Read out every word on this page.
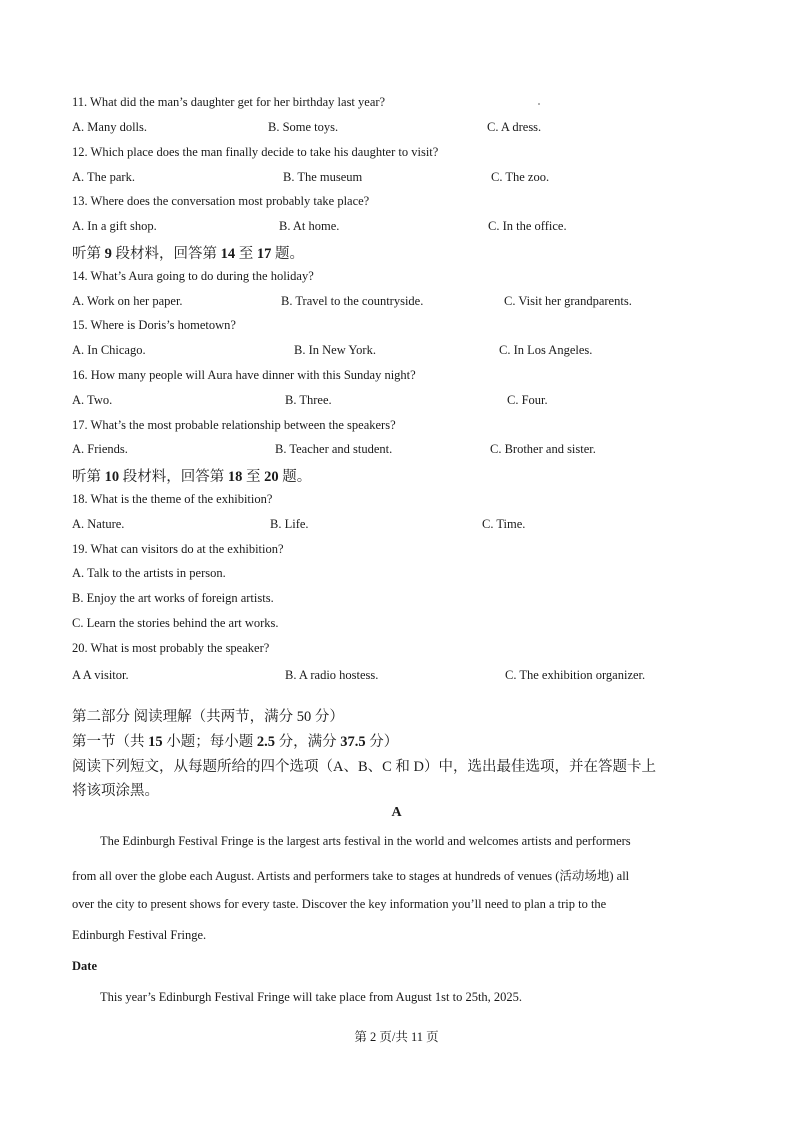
11. What did the man’s daughter get for her birthday last year?
A. Many dolls.	B. Some toys.	C. A dress.
12. Which place does the man finally decide to take his daughter to visit?
A. The park.	B. The museum	C. The zoo.
13. Where does the conversation most probably take place?
A. In a gift shop.	B. At home.	C. In the office.
听第 9 段材料，回答第 14 至 17 题。
14. What’s Aura going to do during the holiday?
A. Work on her paper.	B. Travel to the countryside.	C. Visit her grandparents.
15. Where is Doris’s hometown?
A. In Chicago.	B. In New York.	C. In Los Angeles.
16. How many people will Aura have dinner with this Sunday night?
A. Two.	B. Three.	C. Four.
17. What’s the most probable relationship between the speakers?
A. Friends.	B. Teacher and student.	C. Brother and sister.
听第 10 段材料，回答第 18 至 20 题。
18. What is the theme of the exhibition?
A. Nature.	B. Life.	C. Time.
19. What can visitors do at the exhibition?
A. Talk to the artists in person.
B. Enjoy the art works of foreign artists.
C. Learn the stories behind the art works.
20. What is most probably the speaker?
A A visitor.	B. A radio hostess.	C. The exhibition organizer.
第二部分 阅读理解（共两节，满分 50 分）
第一节（共 15 小题；每小题 2.5 分，满分 37.5 分）
阅读下列短文，从每题所给的四个选项（A、B、C 和 D）中，选出最佳选项，并在答题卡上
将该项涂黑。
A
The Edinburgh Festival Fringe is the largest arts festival in the world and welcomes artists and performers
from all over the globe each August. Artists and performers take to stages at hundreds of venues (活动场地) all
over the city to present shows for every taste. Discover the key information you’ll need to plan a trip to the
Edinburgh Festival Fringe.
Date
This year’s Edinburgh Festival Fringe will take place from August 1st to 25th, 2025.
第 2 页/共 11 页
